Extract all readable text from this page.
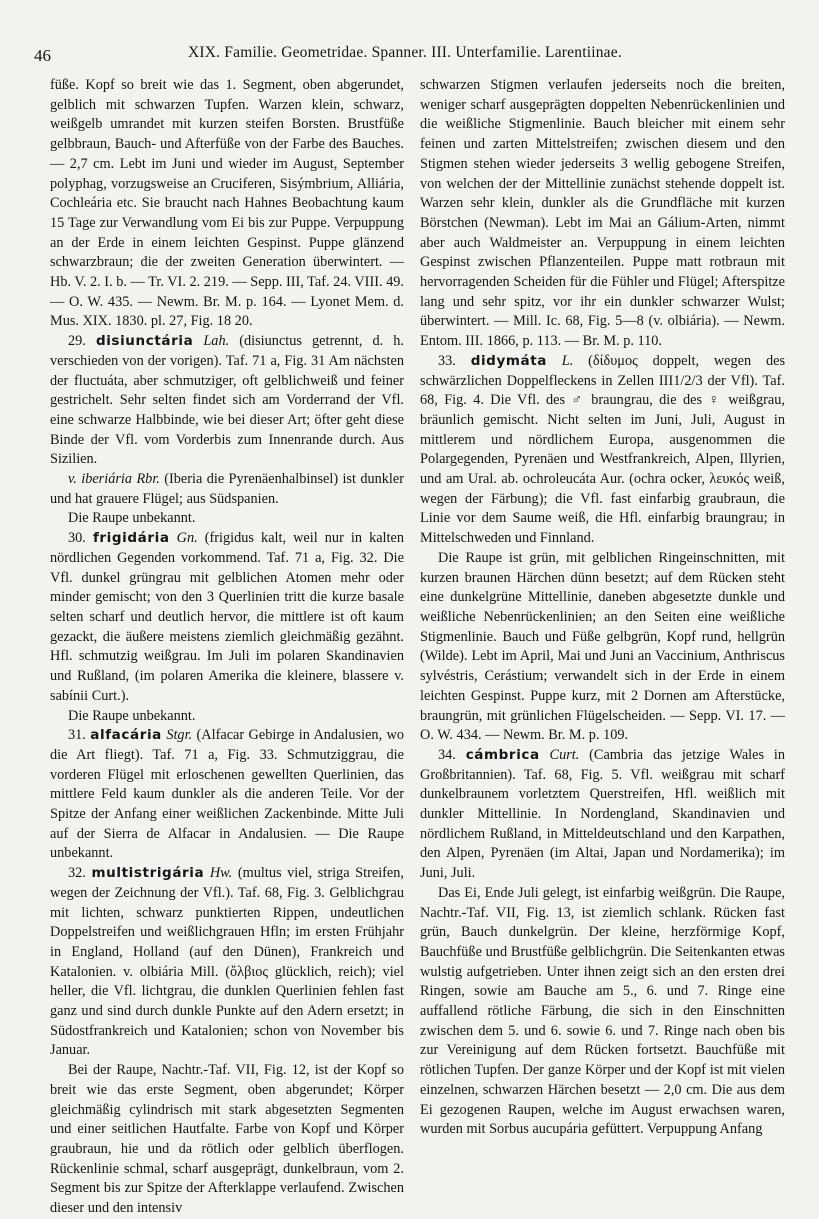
46	XIX. Familie. Geometridae. Spanner. III. Unterfamilie. Larentiinae.

füße. Kopf so breit wie das 1. Segment, oben abgerundet, gelblich mit schwarzen Tupfen. Warzen klein, schwarz, weißgelb umrandet mit kurzen steifen Borsten. Brustfüße gelbbraun, Bauch- und Afterfüße von der Farbe des Bauches. — 2,7 cm. Lebt im Juni und wieder im August, September polyphag, vorzugsweise an Cruciferen, Sisýmbrium, Alliária, Cochleária etc. Sie braucht nach Hahnes Beobachtung kaum 15 Tage zur Verwandlung vom Ei bis zur Puppe. Verpuppung an der Erde in einem leichten Gespinst. Puppe glänzend schwarzbraun; die der zweiten Generation überwintert. — Hb. V. 2. I. b. — Tr. VI. 2. 219. — Sepp. III, Taf. 24. VIII. 49. — O. W. 435. — Newm. Br. M. p. 164. — Lyonet Mem. d. Mus. XIX. 1830. pl. 27, Fig. 18 20.

29. disiunctária Lah. (disiunctus getrennt, d. h. verschieden von der vorigen). Taf. 71 a, Fig. 31 Am nächsten der fluctuáta, aber schmutziger, oft gelblichweiß und feiner gestrichelt. Sehr selten findet sich am Vorderrand der Vfl. eine schwarze Halbbinde, wie bei dieser Art; öfter geht diese Binde der Vfl. vom Vorderbis zum Innenrande durch. Aus Sizilien.

v. iberiária Rbr. (Iberia die Pyrenäenhalbinsel) ist dunkler und hat grauere Flügel; aus Südspanien.

Die Raupe unbekannt.

30. frigidária Gn. (frigidus kalt, weil nur in kalten nördlichen Gegenden vorkommend. Taf. 71 a, Fig. 32. Die Vfl. dunkel grüngrau mit gelblichen Atomen mehr oder minder gemischt; von den 3 Querlinien tritt die kurze basale selten scharf und deutlich hervor, die mittlere ist oft kaum gezackt, die äußere meistens ziemlich gleichmäßig gezähnt. Hfl. schmutzig weißgrau. Im Juli im polaren Skandinavien und Rußland, (im polaren Amerika die kleinere, blassere v. sabínii Curt.).

Die Raupe unbekannt.

31. alfacária Stgr. (Alfacar Gebirge in Andalusien, wo die Art fliegt). Taf. 71 a, Fig. 33. Schmutziggrau, die vorderen Flügel mit erloschenen gewellten Querlinien, das mittlere Feld kaum dunkler als die anderen Teile. Vor der Spitze der Anfang einer weißlichen Zackenbinde. Mitte Juli auf der Sierra de Alfacar in Andalusien. — Die Raupe unbekannt.

32. multistrigária Hw. (multus viel, striga Streifen, wegen der Zeichnung der Vfl.). Taf. 68, Fig. 3. Gelblichgrau mit lichten, schwarz punktierten Rippen, undeutlichen Doppelstreifen und weißlichgrauen Hfln; im ersten Frühjahr in England, Holland (auf den Dünen), Frankreich und Katalonien. v. olbiária Mill. (ὄλβιος glücklich, reich); viel heller, die Vfl. lichtgrau, die dunklen Querlinien fehlen fast ganz und sind durch dunkle Punkte auf den Adern ersetzt; in Südostfrankreich und Katalonien; schon von November bis Januar.

Bei der Raupe, Nachtr.-Taf. VII, Fig. 12, ist der Kopf so breit wie das erste Segment, oben abgerundet; Körper gleichmäßig cylindrisch mit stark abgesetzten Segmenten und einer seitlichen Hautfalte. Farbe von Kopf und Körper graubraun, hie und da rötlich oder gelblich überflogen. Rückenlinie schmal, scharf ausgeprägt, dunkelbraun, vom 2. Segment bis zur Spitze der Afterklappe verlaufend. Zwischen dieser und den intensiv

schwarzen Stigmen verlaufen jederseits noch die breiten, weniger scharf ausgeprägten doppelten Nebenrückenlinien und die weißliche Stigmenlinie. Bauch bleicher mit einem sehr feinen und zarten Mittelstreifen; zwischen diesem und den Stigmen stehen wieder jederseits 3 wellig gebogene Streifen, von welchen der der Mittellinie zunächst stehende doppelt ist. Warzen sehr klein, dunkler als die Grundfläche mit kurzen Börstchen (Newman). Lebt im Mai an Gálium-Arten, nimmt aber auch Waldmeister an. Verpuppung in einem leichten Gespinst zwischen Pflanzenteilen. Puppe matt rotbraun mit hervorragenden Scheiden für die Fühler und Flügel; Afterspitze lang und sehr spitz, vor ihr ein dunkler schwarzer Wulst; überwintert. — Mill. Ic. 68, Fig. 5—8 (v. olbiária). — Newm. Entom. III. 1866, p. 113. — Br. M. p. 110.

33. didymáta L. (δίδυμος doppelt, wegen des schwärzlichen Doppelfleckens in Zellen III1/2/3 der Vfl). Taf. 68, Fig. 4. Die Vfl. des ♂ braungrau, die des ♀ weißgrau, bräunlich gemischt. Nicht selten im Juni, Juli, August in mittlerem und nördlichem Europa, ausgenommen die Polargegenden, Pyrenäen und Westfrankreich, Alpen, Illyrien, und am Ural. ab. ochroleucáta Aur. (ochra ocker, λευκός weiß, wegen der Färbung); die Vfl. fast einfarbig graubraun, die Linie vor dem Saume weiß, die Hfl. einfarbig braungrau; in Mittelschweden und Finnland.

Die Raupe ist grün, mit gelblichen Ringeinschnitten, mit kurzen braunen Härchen dünn besetzt; auf dem Rücken steht eine dunkelgrüne Mittellinie, daneben abgesetzte dunkle und weißliche Nebenrückenlinien; an den Seiten eine weißliche Stigmenlinie. Bauch und Füße gelbgrün, Kopf rund, hellgrün (Wilde). Lebt im April, Mai und Juni an Vaccinium, Anthriscus sylvéstris, Cerástium; verwandelt sich in der Erde in einem leichten Gespinst. Puppe kurz, mit 2 Dornen am Afterstücke, braungrün, mit grünlichen Flügelscheiden. — Sepp. VI. 17. — O. W. 434. — Newm. Br. M. p. 109.

34. cámbrica Curt. (Cambria das jetzige Wales in Großbritannien). Taf. 68, Fig. 5. Vfl. weißgrau mit scharf dunkelbraunem vorletztem Querstreifen, Hfl. weißlich mit dunkler Mittellinie. In Nordengland, Skandinavien und nördlichem Rußland, in Mitteldeutschland und den Karpathen, den Alpen, Pyrenäen (im Altai, Japan und Nordamerika); im Juni, Juli.

Das Ei, Ende Juli gelegt, ist einfarbig weißgrün. Die Raupe, Nachtr.-Taf. VII, Fig. 13, ist ziemlich schlank. Rücken fast grün, Bauch dunkelgrün. Der kleine, herzförmige Kopf, Bauchfüße und Brustfüße gelblichgrün. Die Seitenkanten etwas wulstig aufgetrieben. Unter ihnen zeigt sich an den ersten drei Ringen, sowie am Bauche am 5., 6. und 7. Ringe eine auffallend rötliche Färbung, die sich in den Einschnitten zwischen dem 5. und 6. sowie 6. und 7. Ringe nach oben bis zur Vereinigung auf dem Rücken fortsetzt. Bauchfüße mit rötlichen Tupfen. Der ganze Körper und der Kopf ist mit vielen einzelnen, schwarzen Härchen besetzt — 2,0 cm. Die aus dem Ei gezogenen Raupen, welche im August erwachsen waren, wurden mit Sorbus aucupária gefüttert. Verpuppung Anfang
